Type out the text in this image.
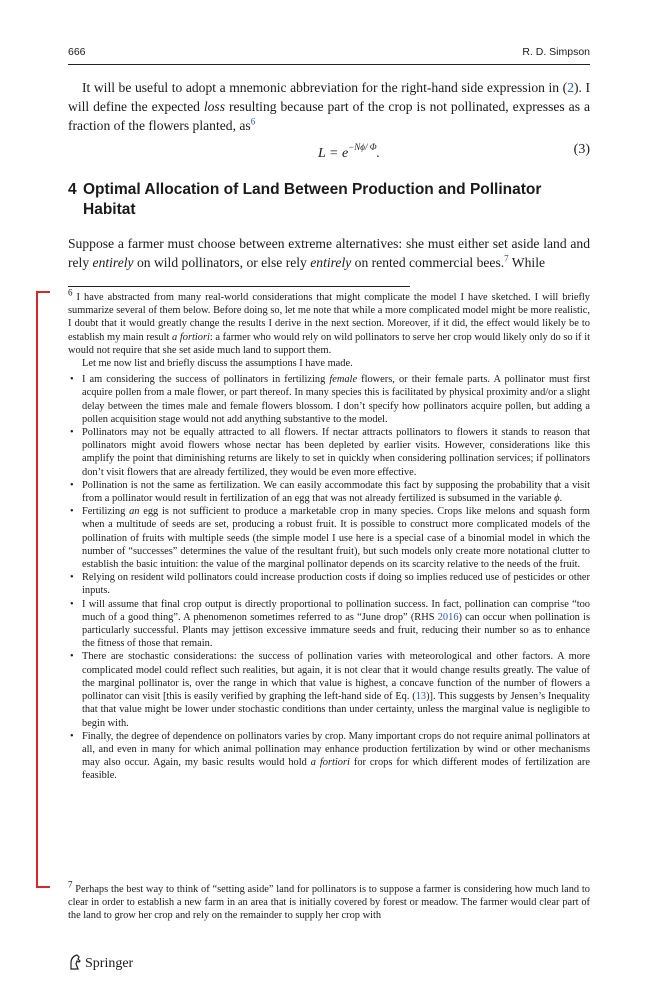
666	R. D. Simpson
It will be useful to adopt a mnemonic abbreviation for the right-hand side expression in (2). I will define the expected loss resulting because part of the crop is not pollinated, expresses as a fraction of the flowers planted, as$^6$
$L = e^{-N\phi/ \Phi}$.	(3)
4 Optimal Allocation of Land Between Production and Pollinator Habitat
Suppose a farmer must choose between extreme alternatives: she must either set aside land and rely entirely on wild pollinators, or else rely entirely on rented commercial bees.$^7$ While

$^6$ I have abstracted from many real-world considerations that might complicate the model I have sketched. I will briefly summarize several of them below. Before doing so, let me note that while a more complicated model might be more realistic, I doubt that it would greatly change the results I derive in the next section. Moreover, if it did, the effect would likely be to establish my main result a fortiori: a farmer who would rely on wild pollinators to serve her crop would likely only do so if it would not require that she set aside much land to support them.

Let me now list and briefly discuss the assumptions I have made.

• I am considering the success of pollinators in fertilizing female flowers, or their female parts. A pollinator must first acquire pollen from a male flower, or part thereof. In many species this is facilitated by physical proximity and/or a slight delay between the times male and female flowers blossom. I don’t specify how pollinators acquire pollen, but adding a pollen acquisition stage would not add anything substantive to the model.
• Pollinators may not be equally attracted to all flowers. If nectar attracts pollinators to flowers it stands to reason that pollinators might avoid flowers whose nectar has been depleted by earlier visits. However, considerations like this amplify the point that diminishing returns are likely to set in quickly when considering pollination services; if pollinators don’t visit flowers that are already fertilized, they would be even more effective.
• Pollination is not the same as fertilization. We can easily accommodate this fact by supposing the probability that a visit from a pollinator would result in fertilization of an egg that was not already fertilized is subsumed in the variable ϕ.
• Fertilizing an egg is not sufficient to produce a marketable crop in many species. Crops like melons and squash form when a multitude of seeds are set, producing a robust fruit. It is possible to construct more complicated models of the pollination of fruits with multiple seeds (the simple model I use here is a special case of a binomial model in which the number of “successes” determines the value of the resultant fruit), but such models only create more notational clutter to establish the basic intuition: the value of the marginal pollinator depends on its scarcity relative to the needs of the fruit.
• Relying on resident wild pollinators could increase production costs if doing so implies reduced use of pesticides or other inputs.
• I will assume that final crop output is directly proportional to pollination success. In fact, pollination can comprise “too much of a good thing”. A phenomenon sometimes referred to as “June drop” (RHS 2016) can occur when pollination is particularly successful. Plants may jettison excessive immature seeds and fruit, reducing their number so as to enhance the fitness of those that remain.
• There are stochastic considerations: the success of pollination varies with meteorological and other factors. A more complicated model could reflect such realities, but again, it is not clear that it would change results greatly. The value of the marginal pollinator is, over the range in which that value is highest, a concave function of the number of flowers a pollinator can visit [this is easily verified by graphing the left-hand side of Eq. (13)]. This suggests by Jensen’s Inequality that that value might be lower under stochastic conditions than under certainty, unless the marginal value is negligible to begin with.
• Finally, the degree of dependence on pollinators varies by crop. Many important crops do not require animal pollinators at all, and even in many for which animal pollination may enhance production fertilization by wind or other mechanisms may also occur. Again, my basic results would hold a fortiori for crops for which different modes of fertilization are feasible.
$^7$ Perhaps the best way to think of “setting aside” land for pollinators is to suppose a farmer is considering how much land to clear in order to establish a new farm in an area that is initially covered by forest or meadow. The farmer would clear part of the land to grow her crop and rely on the remainder to supply her crop with
Springer
